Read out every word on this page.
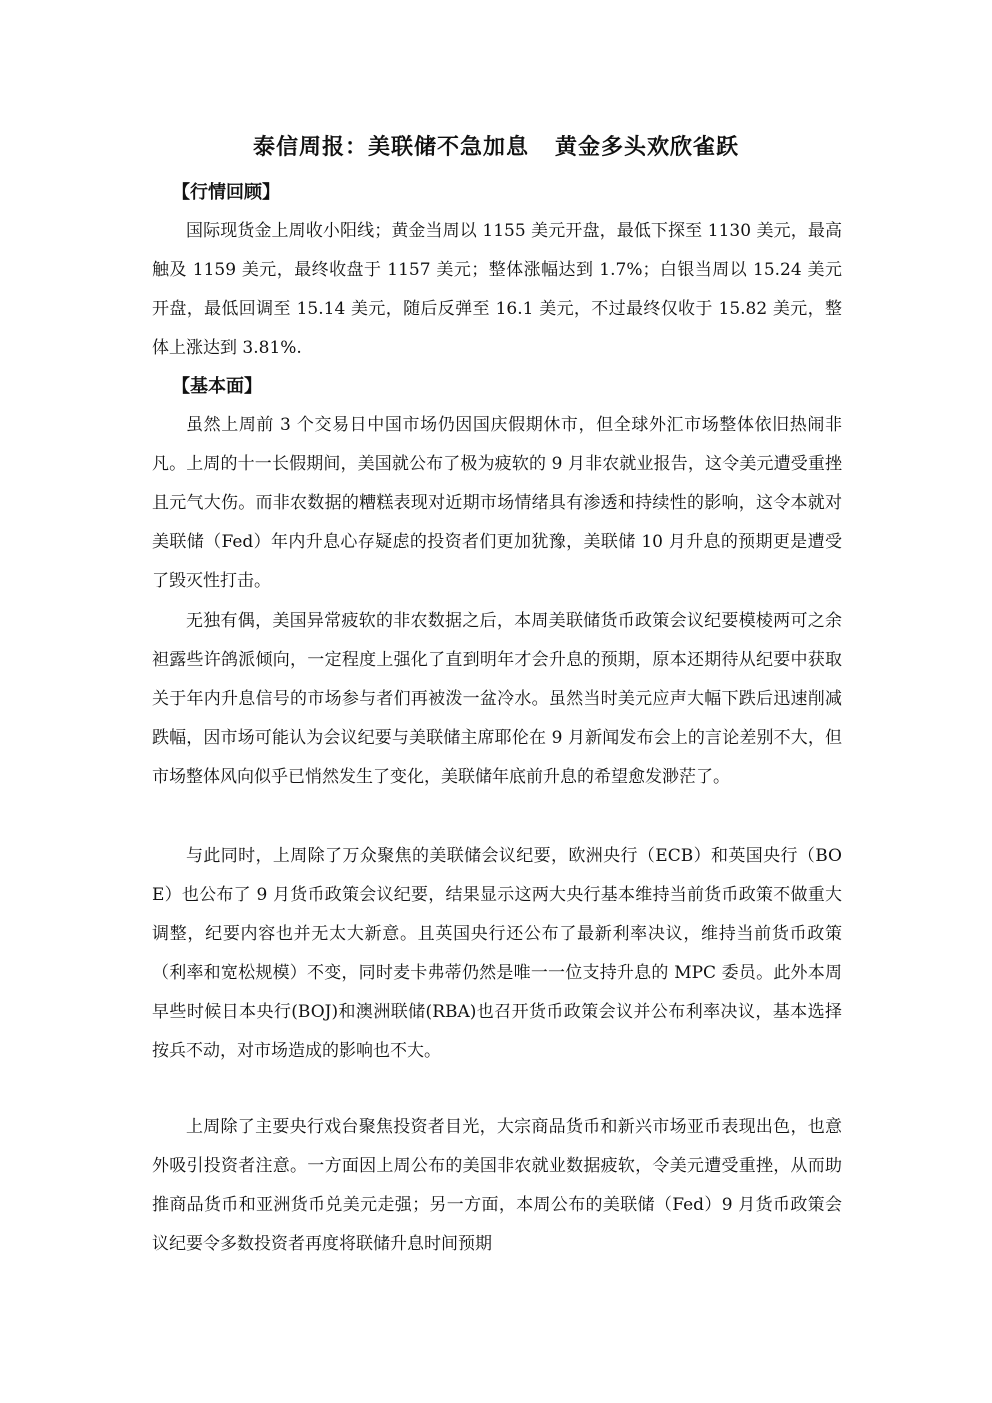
泰信周报：美联储不急加息   黄金多头欢欣雀跃
【行情回顾】
国际现货金上周收小阳线；黄金当周以 1155 美元开盘，最低下探至 1130 美元，最高触及 1159 美元，最终收盘于 1157 美元；整体涨幅达到 1.7%；白银当周以 15.24 美元开盘，最低回调至 15.14 美元，随后反弹至 16.1 美元，不过最终仅收于 15.82 美元，整体上涨达到 3.81%.
【基本面】
虽然上周前 3 个交易日中国市场仍因国庆假期休市，但全球外汇市场整体依旧热闹非凡。上周的十一长假期间，美国就公布了极为疲软的 9 月非农就业报告，这令美元遭受重挫且元气大伤。而非农数据的糟糕表现对近期市场情绪具有渗透和持续性的影响，这令本就对美联储（Fed）年内升息心存疑虑的投资者们更加犹豫，美联储 10 月升息的预期更是遭受了毁灭性打击。
无独有偶，美国异常疲软的非农数据之后，本周美联储货币政策会议纪要模棱两可之余袒露些许鸽派倾向，一定程度上强化了直到明年才会升息的预期，原本还期待从纪要中获取关于年内升息信号的市场参与者们再被泼一盆冷水。虽然当时美元应声大幅下跌后迅速削减跌幅，因市场可能认为会议纪要与美联储主席耶伦在 9 月新闻发布会上的言论差别不大，但市场整体风向似乎已悄然发生了变化，美联储年底前升息的希望愈发渺茫了。
与此同时，上周除了万众聚焦的美联储会议纪要，欧洲央行（ECB）和英国央行（BOE）也公布了 9 月货币政策会议纪要，结果显示这两大央行基本维持当前货币政策不做重大调整，纪要内容也并无太大新意。且英国央行还公布了最新利率决议，维持当前货币政策（利率和宽松规模）不变，同时麦卡弗蒂仍然是唯一一位支持升息的 MPC 委员。此外本周早些时候日本央行(BOJ)和澳洲联储(RBA)也召开货币政策会议并公布利率决议，基本选择按兵不动，对市场造成的影响也不大。
上周除了主要央行戏台聚焦投资者目光，大宗商品货币和新兴市场亚币表现出色，也意外吸引投资者注意。一方面因上周公布的美国非农就业数据疲软，令美元遭受重挫，从而助推商品货币和亚洲货币兑美元走强；另一方面，本周公布的美联储（Fed）9 月货币政策会议纪要令多数投资者再度将联储升息时间预期
